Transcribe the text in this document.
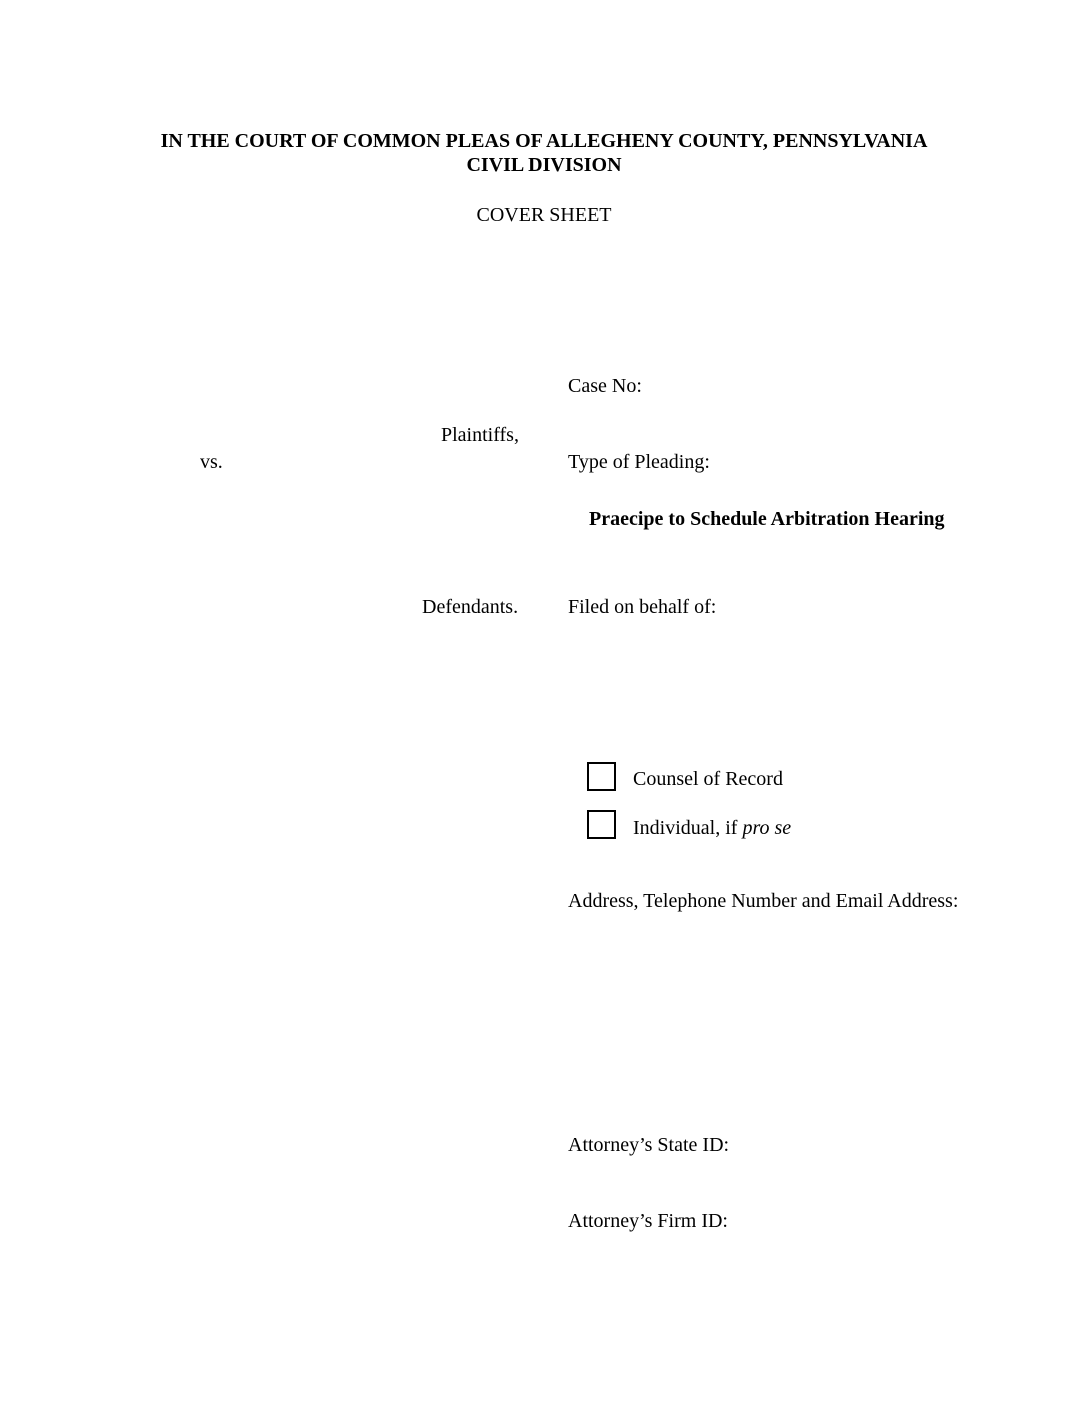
IN THE COURT OF COMMON PLEAS OF ALLEGHENY COUNTY, PENNSYLVANIA
CIVIL DIVISION
COVER SHEET
Plaintiffs,
vs.
Defendants.
Case No:
Type of Pleading:
Praecipe to Schedule Arbitration Hearing
Filed on behalf of:
Counsel of Record
Individual, if pro se
Address, Telephone Number and Email Address:
Attorney’s State ID:
Attorney’s Firm ID:
